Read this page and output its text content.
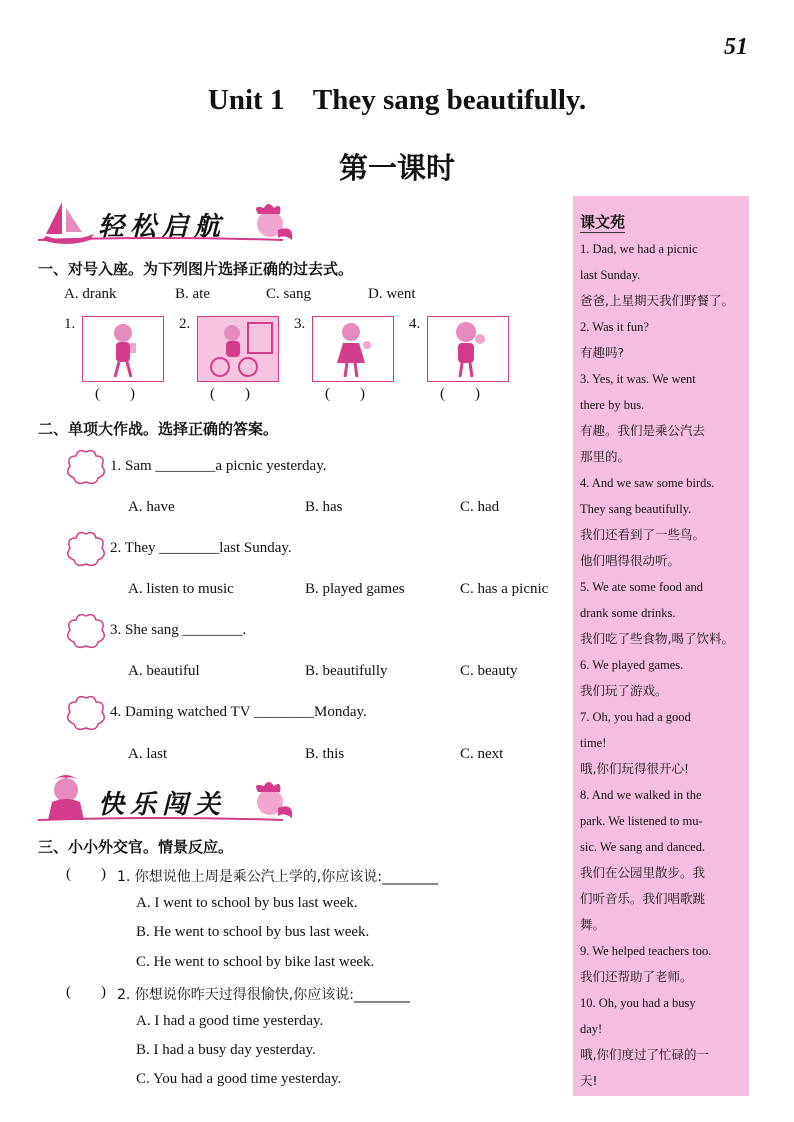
51
Unit 1    They sang beautifully.
第一课时
轻松启航
一、对号入座。为下列图片选择正确的过去式。
A. drank	B. ate	C. sang	D. went
1.	2.	3.	4.
(        )	(        )	(        )	(        )
二、单项大作战。选择正确的答案。
1. Sam ________a picnic yesterday.
A. have	B. has	C. had
2. They ________last Sunday.
A. listen to music	B. played games	C. has a picnic
3. She sang ________.
A. beautiful	B. beautifully	C. beauty
4. Daming watched TV ________Monday.
A. last	B. this	C. next
快乐闯关
三、小小外交官。情景反应。
(        ) 1. 你想说他上周是乘公汽上学的,你应该说:________
A. I went to school by bus last week.
B. He went to school by bus last week.
C. He went to school by bike last week.
(        ) 2. 你想说你昨天过得很愉快,你应该说:________
A. I had a good time yesterday.
B. I had a busy day yesterday.
C. You had a good time yesterday.
课文苑
1. Dad, we had a picnic
last Sunday.
爸爸,上星期天我们野餐了。
2. Was it fun?
有趣吗?
3. Yes, it was. We went
there by bus.
有趣。我们是乘公汽去
那里的。
4. And we saw some birds.
They sang beautifully.
我们还看到了一些鸟。
他们唱得很动听。
5. We ate some food and
drank some drinks.
我们吃了些食物,喝了饮料。
6. We played games.
我们玩了游戏。
7. Oh, you had a good
time!
哦,你们玩得很开心!
8. And we walked in the
park. We listened to mu-
sic. We sang and danced.
我们在公园里散步。我
们听音乐。我们唱歌跳
舞。
9. We helped teachers too.
我们还帮助了老师。
10. Oh, you had a busy
day!
哦,你们度过了忙碌的一
天!
